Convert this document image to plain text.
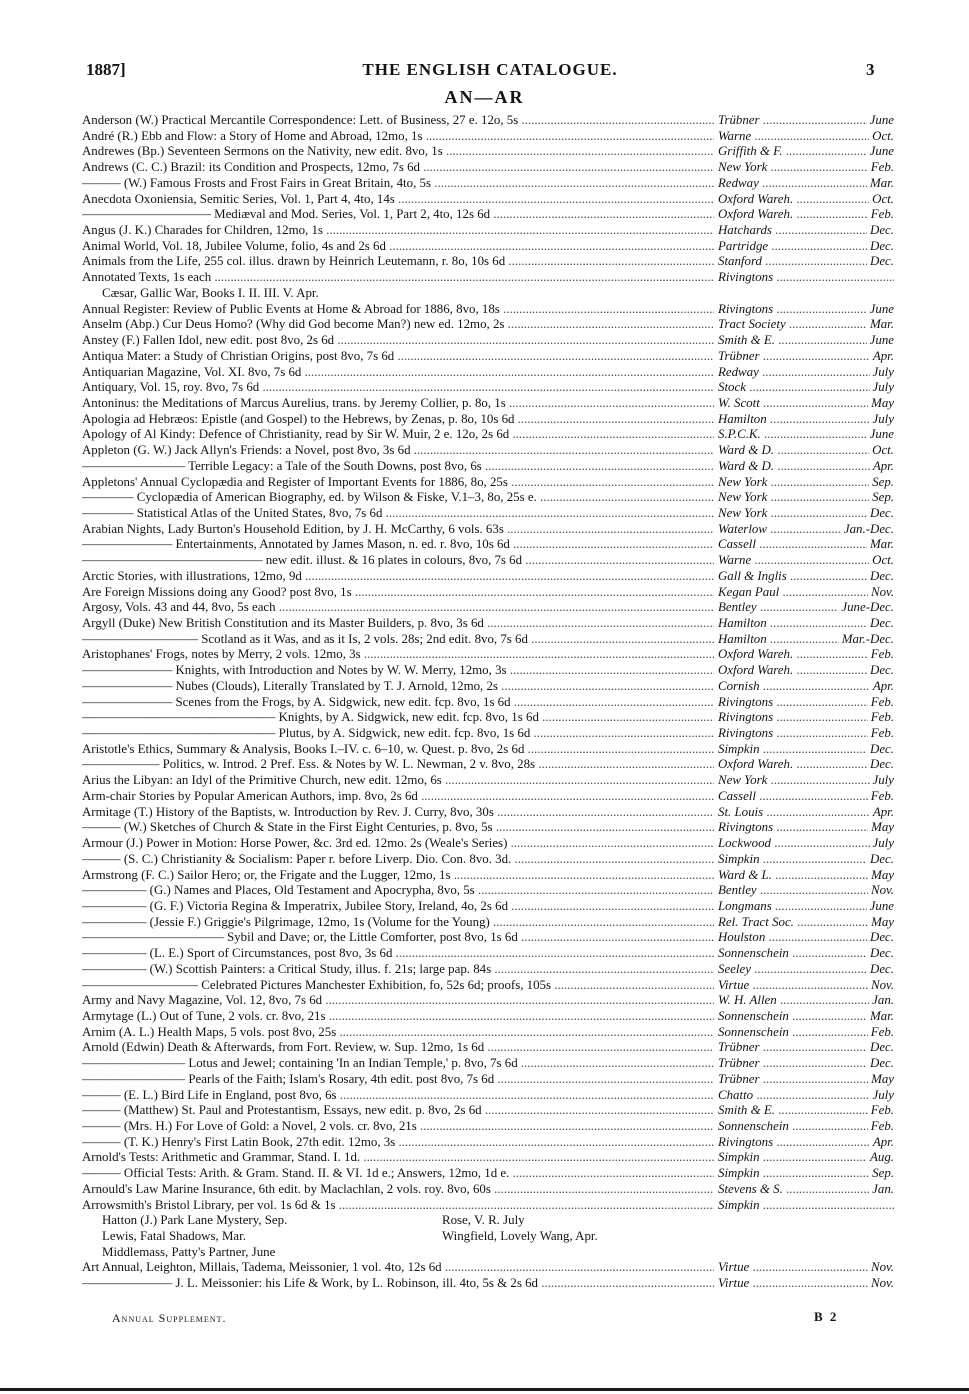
1887]	THE ENGLISH CATALOGUE.	3
AN—AR
Anderson (W.) Practical Mercantile Correspondence: Lett. of Business, 27 e. 12o, 5s .....	Trübner .....	June
André (R.) Ebb and Flow: a Story of Home and Abroad, 12mo, 1s .....	Warne .....	Oct.
Andrewes (Bp.) Seventeen Sermons on the Nativity, new edit. 8vo, 1s .....	Griffith & F. .....	June
Andrews (C. C.) Brazil: its Condition and Prospects, 12mo, 7s 6d .....	New York .....	Feb.
——— (W.) Famous Frosts and Frost Fairs in Great Britain, 4to, 5s .....	Redway .....	Mar.
Anecdota Oxoniensia, Semitic Series, Vol. 1, Part 4, 4to, 14s .....	Oxford Wareh. .....	Oct.
—————————— Mediæval and Mod. Series, Vol. 1, Part 2, 4to, 12s 6d .....	Oxford Wareh. .....	Feb.
Angus (J. K.) Charades for Children, 12mo, 1s .....	Hatchards .....	Dec.
Animal World, Vol. 18, Jubilee Volume, folio, 4s and 2s 6d .....	Partridge .....	Dec.
Animals from the Life, 255 col. illus. drawn by Heinrich Leutemann, r. 8o, 10s 6d .....	Stanford .....	Dec.
Annotated Texts, 1s each .....	Rivingtons .....
Cæsar, Gallic War, Books I. II. III. V. Apr.
Annual Register: Review of Public Events at Home & Abroad for 1886, 8vo, 18s .....	Rivingtons .....	June
Anselm (Abp.) Cur Deus Homo? (Why did God become Man?) new ed. 12mo, 2s .....	Tract Society .....	Mar.
Anstey (F.) Fallen Idol, new edit. post 8vo, 2s 6d .....	Smith & E. .....	June
Antiqua Mater: a Study of Christian Origins, post 8vo, 7s 6d .....	Trübner .....	Apr.
Antiquarian Magazine, Vol. XI. 8vo, 7s 6d .....	Redway .....	July
Antiquary, Vol. 15, roy. 8vo, 7s 6d .....	Stock .....	July
Antoninus: the Meditations of Marcus Aurelius, trans. by Jeremy Collier, p. 8o, 1s .....	W. Scott .....	May
Apologia ad Hebræos: Epistle (and Gospel) to the Hebrews, by Zenas, p. 8o, 10s 6d .....	Hamilton .....	July
Apology of Al Kindy: Defence of Christianity, read by Sir W. Muir, 2 e. 12o, 2s 6d .....	S.P.C.K. .....	June
Appleton (G. W.) Jack Allyn's Friends: a Novel, post 8vo, 3s 6d .....	Ward & D. .....	Oct.
———————— Terrible Legacy: a Tale of the South Downs, post 8vo, 6s .....	Ward & D. .....	Apr.
Appletons' Annual Cyclopædia and Register of Important Events for 1886, 8o, 25s .....	New York .....	Sep.
———— Cyclopædia of American Biography, ed. by Wilson & Fiske, V.1–3, 8o, 25s e. .....	New York .....	Sep.
———— Statistical Atlas of the United States, 8vo, 7s 6d .....	New York .....	Dec.
Arabian Nights, Lady Burton's Household Edition, by J. H. McCarthy, 6 vols. 63s .....	Waterlow .....	Jan.-Dec.
——————— Entertainments, Annotated by James Mason, n. ed. r. 8vo, 10s 6d .....	Cassell .....	Mar.
—————————————— new edit. illust. & 16 plates in colours, 8vo, 7s 6d .....	Warne .....	Oct.
Arctic Stories, with illustrations, 12mo, 9d .....	Gall & Inglis .....	Dec.
Are Foreign Missions doing any Good? post 8vo, 1s .....	Kegan Paul .....	Nov.
Argosy, Vols. 43 and 44, 8vo, 5s each .....	Bentley .....	June-Dec.
Argyll (Duke) New British Constitution and its Master Builders, p. 8vo, 3s 6d .....	Hamilton .....	Dec.
————————— Scotland as it Was, and as it Is, 2 vols. 28s; 2nd edit. 8vo, 7s 6d .....	Hamilton .....	Mar.-Dec.
Aristophanes' Frogs, notes by Merry, 2 vols. 12mo, 3s .....	Oxford Wareh. .....	Feb.
——————— Knights, with Introduction and Notes by W. W. Merry, 12mo, 3s .....	Oxford Wareh. .....	Dec.
——————— Nubes (Clouds), Literally Translated by T. J. Arnold, 12mo, 2s .....	Cornish .....	Apr.
——————— Scenes from the Frogs, by A. Sidgwick, new edit. fcp. 8vo, 1s 6d .....	Rivingtons .....	Feb.
——————————————— Knights, by A. Sidgwick, new edit. fcp. 8vo, 1s 6d .....	Rivingtons .....	Feb.
——————————————— Plutus, by A. Sidgwick, new edit. fcp. 8vo, 1s 6d .....	Rivingtons .....	Feb.
Aristotle's Ethics, Summary & Analysis, Books I.–IV. c. 6–10, w. Quest. p. 8vo, 2s 6d .....	Simpkin .....	Dec.
—————— Politics, w. Introd. 2 Pref. Ess. & Notes by W. L. Newman, 2 v. 8vo, 28s .....	Oxford Wareh. .....	Dec.
Arius the Libyan: an Idyl of the Primitive Church, new edit. 12mo, 6s .....	New York .....	July
Arm-chair Stories by Popular American Authors, imp. 8vo, 2s 6d .....	Cassell .....	Feb.
Armitage (T.) History of the Baptists, w. Introduction by Rev. J. Curry, 8vo, 30s .....	St. Louis .....	Apr.
——— (W.) Sketches of Church & State in the First Eight Centuries, p. 8vo, 5s .....	Rivingtons .....	May
Armour (J.) Power in Motion: Horse Power, &c. 3rd ed. 12mo. 2s (Weale's Series) .....	Lockwood .....	July
——— (S. C.) Christianity & Socialism: Paper r. before Liverp. Dio. Con. 8vo. 3d. .....	Simpkin .....	Dec.
Armstrong (F. C.) Sailor Hero; or, the Frigate and the Lugger, 12mo, 1s .....	Ward & L. .....	May
————— (G.) Names and Places, Old Testament and Apocrypha, 8vo, 5s .....	Bentley .....	Nov.
————— (G. F.) Victoria Regina & Imperatrix, Jubilee Story, Ireland, 4o, 2s 6d .....	Longmans .....	June
————— (Jessie F.) Griggie's Pilgrimage, 12mo, 1s (Volume for the Young) .....	Rel. Tract Soc. .....	May
——————————— Sybil and Dave; or, the Little Comforter, post 8vo, 1s 6d .....	Houlston .....	Dec.
————— (L. E.) Sport of Circumstances, post 8vo, 3s 6d .....	Sonnenschein .....	Dec.
————— (W.) Scottish Painters: a Critical Study, illus. f. 21s; large pap. 84s .....	Seeley .....	Dec.
————————— Celebrated Pictures Manchester Exhibition, fo, 52s 6d; proofs, 105s .....	Virtue .....	Nov.
Army and Navy Magazine, Vol. 12, 8vo, 7s 6d .....	W. H. Allen .....	Jan.
Armytage (L.) Out of Tune, 2 vols. cr. 8vo, 21s .....	Sonnenschein .....	Mar.
Arnim (A. L.) Health Maps, 5 vols. post 8vo, 25s .....	Sonnenschein .....	Feb.
Arnold (Edwin) Death & Afterwards, from Fort. Review, w. Sup. 12mo, 1s 6d .....	Trübner .....	Dec.
———————— Lotus and Jewel; containing 'In an Indian Temple,' p. 8vo, 7s 6d .....	Trübner .....	Dec.
———————— Pearls of the Faith; Islam's Rosary, 4th edit. post 8vo, 7s 6d .....	Trübner .....	May
——— (E. L.) Bird Life in England, post 8vo, 6s .....	Chatto .....	July
——— (Matthew) St. Paul and Protestantism, Essays, new edit. p. 8vo, 2s 6d .....	Smith & E. .....	Feb.
——— (Mrs. H.) For Love of Gold: a Novel, 2 vols. cr. 8vo, 21s .....	Sonnenschein .....	Feb.
——— (T. K.) Henry's First Latin Book, 27th edit. 12mo, 3s .....	Rivingtons .....	Apr.
Arnold's Tests: Arithmetic and Grammar, Stand. I. 1d. .....	Simpkin .....	Aug.
——— Official Tests: Arith. & Gram. Stand. II. & VI. 1d e.; Answers, 12mo, 1d e. .....	Simpkin .....	Sep.
Arnould's Law Marine Insurance, 6th edit. by Maclachlan, 2 vols. roy. 8vo, 60s .....	Stevens & S. .....	Jan.
Arrowsmith's Bristol Library, per vol. 1s 6d & 1s .....	Simpkin .....
Hatton (J.) Park Lane Mystery, Sep.	Rose, V. R. July
Lewis, Fatal Shadows, Mar.	Wingfield, Lovely Wang, Apr.
Middlemass, Patty's Partner, June
Art Annual, Leighton, Millais, Tadema, Meissonier, 1 vol. 4to, 12s 6d .....	Virtue .....	Nov.
——————— J. L. Meissonier: his Life & Work, by L. Robinson, ill. 4to, 5s & 2s 6d .....	Virtue .....	Nov.
Annual Supplement.	B 2
